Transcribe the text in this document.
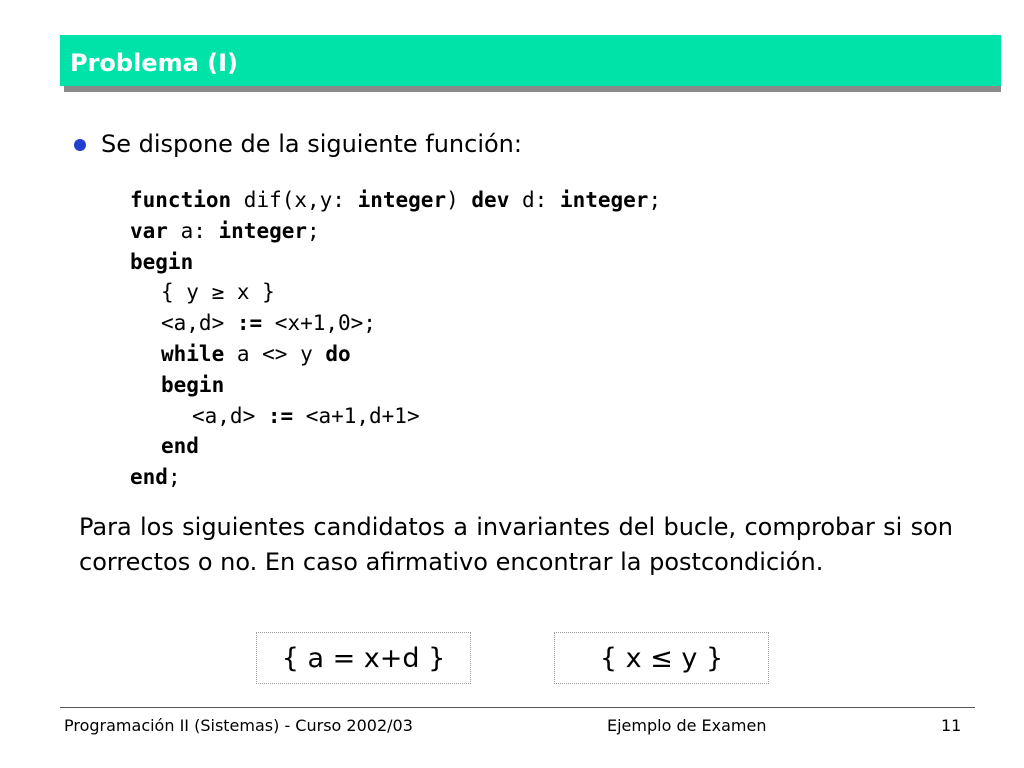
Problema (I)
Se dispone de la siguiente función:
function dif(x,y: integer) dev d: integer;
var a: integer;
begin
{ y ≥ x }
<a,d> := <x+1,0>;
while a <> y do
begin
<a,d> := <a+1,d+1>
end
end;
Para los siguientes candidatos a invariantes del bucle, comprobar si son correctos o no. En caso afirmativo encontrar la postcondición.
{ a = x+d }	{ x ≤ y }
Programación II (Sistemas) - Curso 2002/03	Ejemplo de Examen	11
